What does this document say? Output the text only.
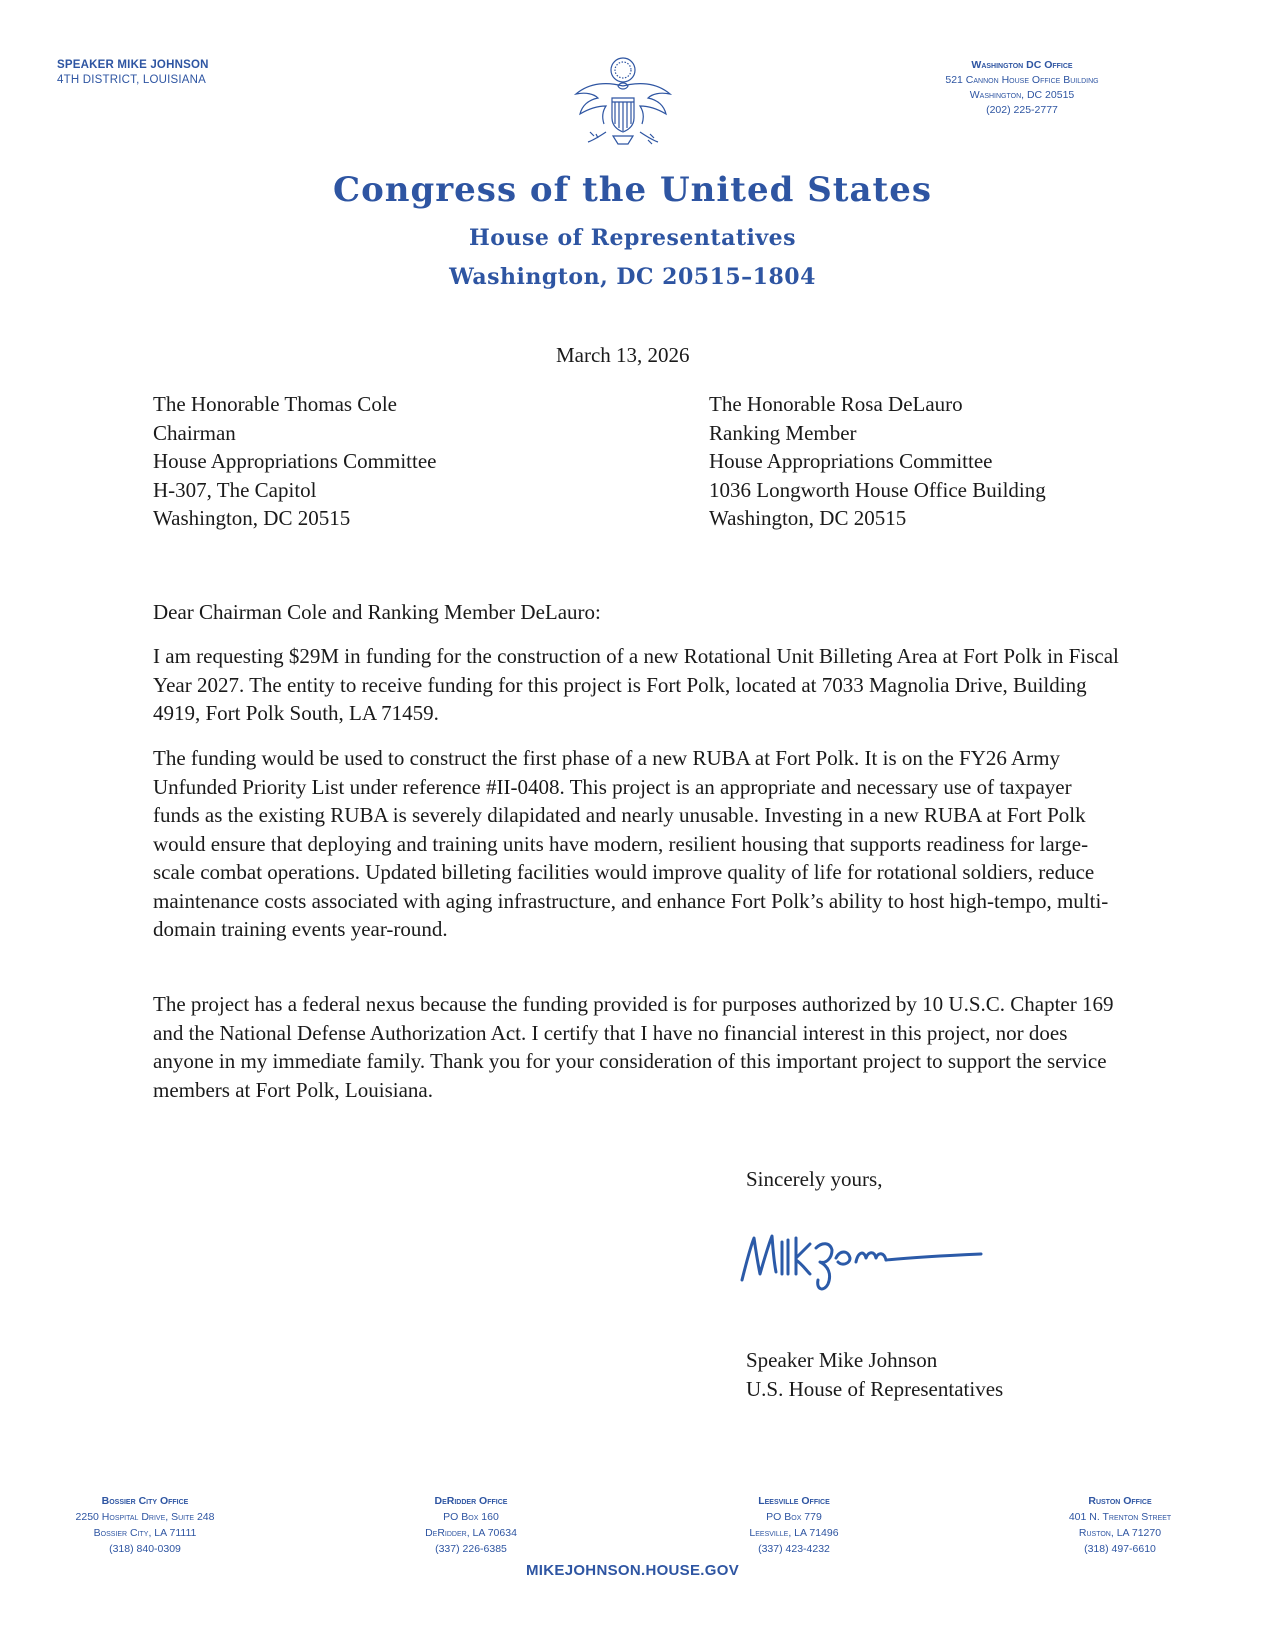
SPEAKER MIKE JOHNSON
4TH DISTRICT, LOUISIANA
Washington DC Office
521 Cannon House Office Building
Washington, DC 20515
(202) 225-2777
Congress of the United States
House of Representatives
Washington, DC 20515–1804
March 13, 2026
The Honorable Thomas Cole
Chairman
House Appropriations Committee
H-307, The Capitol
Washington, DC 20515
The Honorable Rosa DeLauro
Ranking Member
House Appropriations Committee
1036 Longworth House Office Building
Washington, DC 20515
Dear Chairman Cole and Ranking Member DeLauro:

I am requesting $29M in funding for the construction of a new Rotational Unit Billeting Area at Fort Polk in Fiscal Year 2027. The entity to receive funding for this project is Fort Polk, located at 7033 Magnolia Drive, Building 4919, Fort Polk South, LA 71459.

The funding would be used to construct the first phase of a new RUBA at Fort Polk. It is on the FY26 Army Unfunded Priority List under reference #II-0408. This project is an appropriate and necessary use of taxpayer funds as the existing RUBA is severely dilapidated and nearly unusable. Investing in a new RUBA at Fort Polk would ensure that deploying and training units have modern, resilient housing that supports readiness for large-scale combat operations. Updated billeting facilities would improve quality of life for rotational soldiers, reduce maintenance costs associated with aging infrastructure, and enhance Fort Polk’s ability to host high-tempo, multi-domain training events year-round.

The project has a federal nexus because the funding provided is for purposes authorized by 10 U.S.C. Chapter 169 and the National Defense Authorization Act. I certify that I have no financial interest in this project, nor does anyone in my immediate family. Thank you for your consideration of this important project to support the service members at Fort Polk, Louisiana.

Sincerely yours,
Speaker Mike Johnson
U.S. House of Representatives
Bossier City Office
2250 Hospital Drive, Suite 248
Bossier City, LA 71111
(318) 840-0309
DeRidder Office
PO Box 160
DeRidder, LA 70634
(337) 226-6385
Leesville Office
PO Box 779
Leesville, LA 71496
(337) 423-4232
Ruston Office
401 N. Trenton Street
Ruston, LA 71270
(318) 497-6610
MIKEJOHNSON.HOUSE.GOV
